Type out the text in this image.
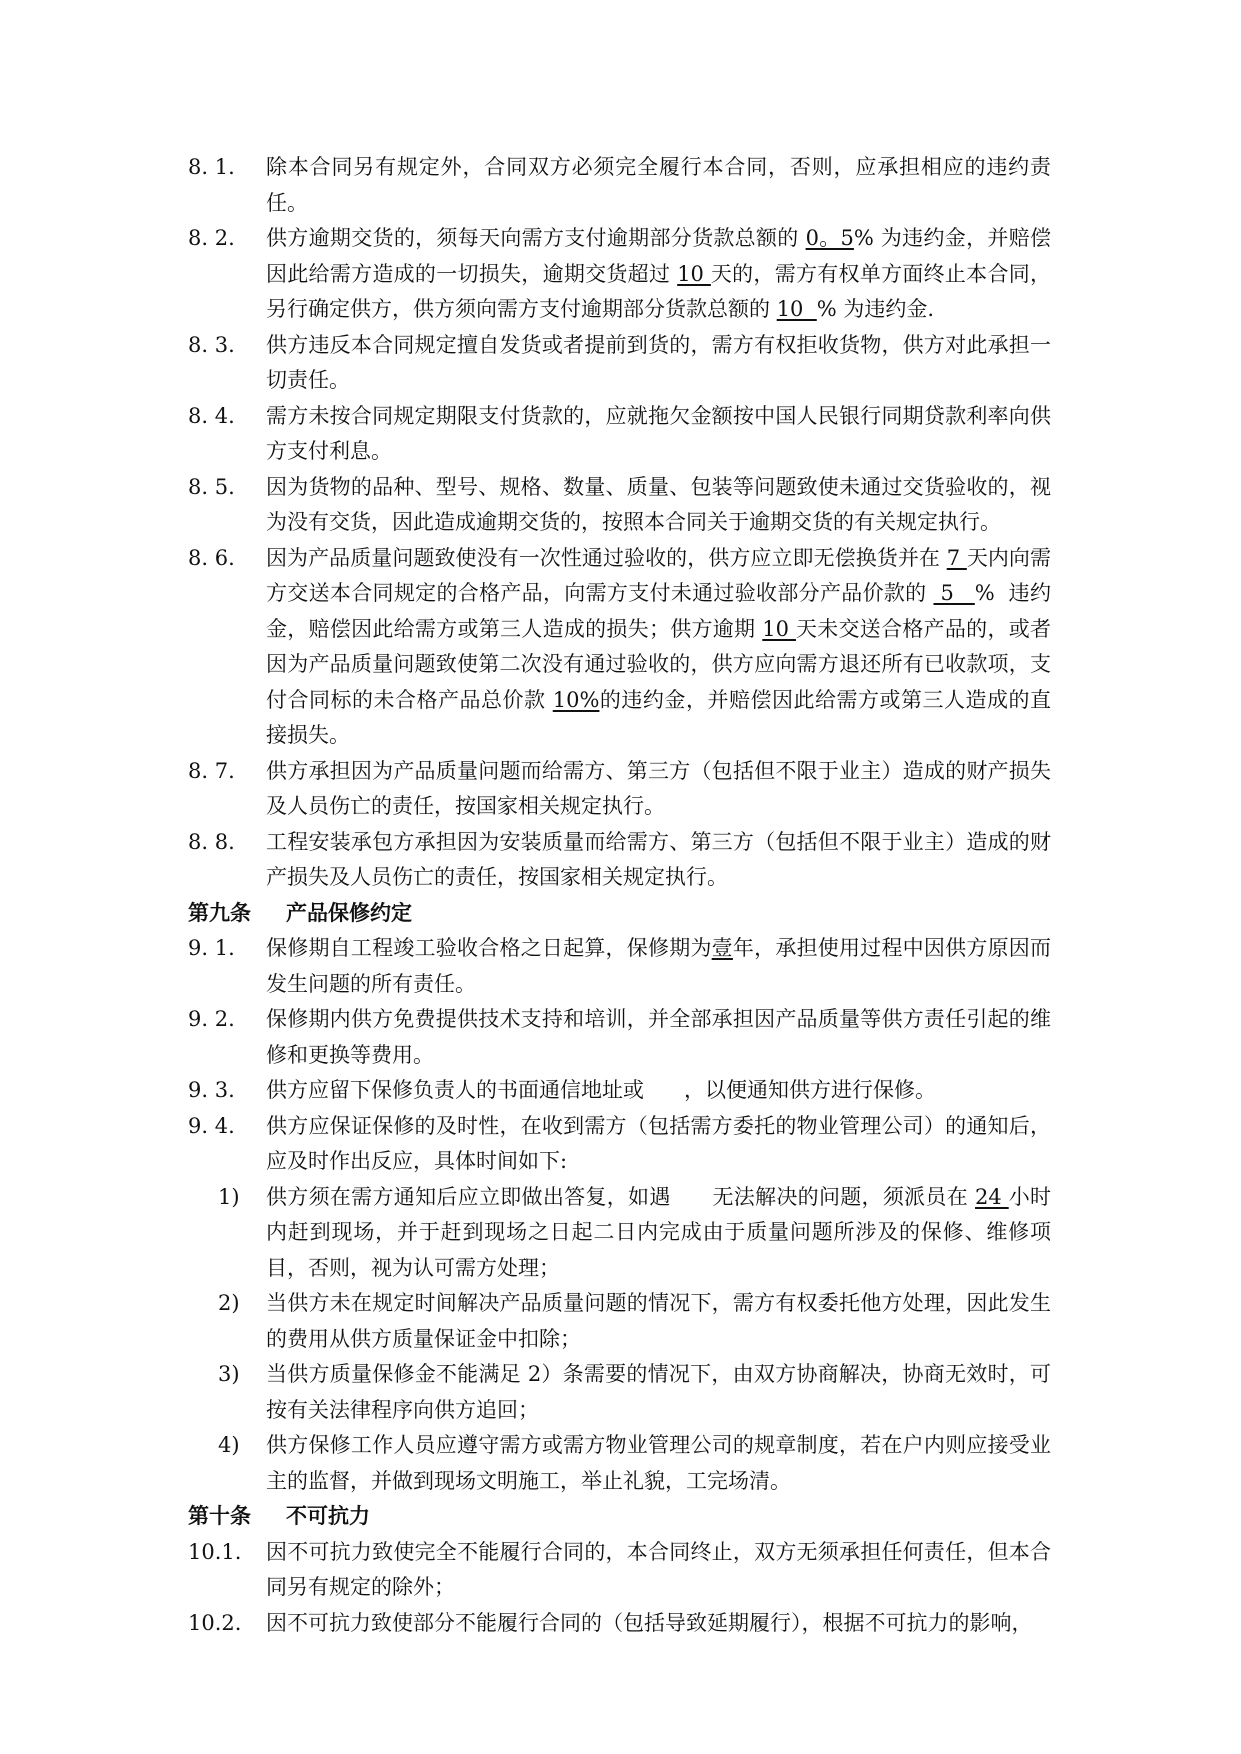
8. 1.	除本合同另有规定外，合同双方必须完全履行本合同，否则，应承担相应的违约责任。
8. 2.	供方逾期交货的，须每天向需方支付逾期部分货款总额的 0。5% 为违约金，并赔偿因此给需方造成的一切损失，逾期交货超过 10 天的，需方有权单方面终止本合同，另行确定供方，供方须向需方支付逾期部分货款总额的 10  % 为违约金.
8. 3.	供方违反本合同规定擅自发货或者提前到货的，需方有权拒收货物，供方对此承担一切责任。
8. 4.	需方未按合同规定期限支付货款的，应就拖欠金额按中国人民银行同期贷款利率向供方支付利息。
8. 5.	因为货物的品种、型号、规格、数量、质量、包装等问题致使未通过交货验收的，视为没有交货，因此造成逾期交货的，按照本合同关于逾期交货的有关规定执行。
8. 6.	因为产品质量问题致使没有一次性通过验收的，供方应立即无偿换货并在 7 天内向需方交送本合同规定的合格产品，向需方支付未通过验收部分产品价款的  5   %  违约金，赔偿因此给需方或第三人造成的损失；供方逾期 10 天未交送合格产品的，或者因为产品质量问题致使第二次没有通过验收的，供方应向需方退还所有已收款项，支付合同标的未合格产品总价款 10%的违约金，并赔偿因此给需方或第三人造成的直接损失。
8. 7.	供方承担因为产品质量问题而给需方、第三方（包括但不限于业主）造成的财产损失及人员伤亡的责任，按国家相关规定执行。
8. 8.	工程安装承包方承担因为安装质量而给需方、第三方（包括但不限于业主）造成的财产损失及人员伤亡的责任，按国家相关规定执行。
第九条	产品保修约定
9. 1.	保修期自工程竣工验收合格之日起算，保修期为壹年，承担使用过程中因供方原因而发生问题的所有责任。
9. 2.	保修期内供方免费提供技术支持和培训，并全部承担因产品质量等供方责任引起的维修和更换等费用。
9. 3.	供方应留下保修负责人的书面通信地址或      ，以便通知供方进行保修。
9. 4.	供方应保证保修的及时性，在收到需方（包括需方委托的物业管理公司）的通知后，应及时作出反应，具体时间如下:
1)	供方须在需方通知后应立即做出答复，如遇      无法解决的问题，须派员在 24 小时内赶到现场，并于赶到现场之日起二日内完成由于质量问题所涉及的保修、维修项目，否则，视为认可需方处理；
2)	当供方未在规定时间解决产品质量问题的情况下，需方有权委托他方处理，因此发生的费用从供方质量保证金中扣除；
3)	当供方质量保修金不能满足 2）条需要的情况下，由双方协商解决，协商无效时，可按有关法律程序向供方追回；
4)	供方保修工作人员应遵守需方或需方物业管理公司的规章制度，若在户内则应接受业主的监督，并做到现场文明施工，举止礼貌，工完场清。
第十条	不可抗力
10.1.	因不可抗力致使完全不能履行合同的，本合同终止，双方无须承担任何责任，但本合同另有规定的除外；
10.2.	因不可抗力致使部分不能履行合同的（包括导致延期履行），根据不可抗力的影响，
